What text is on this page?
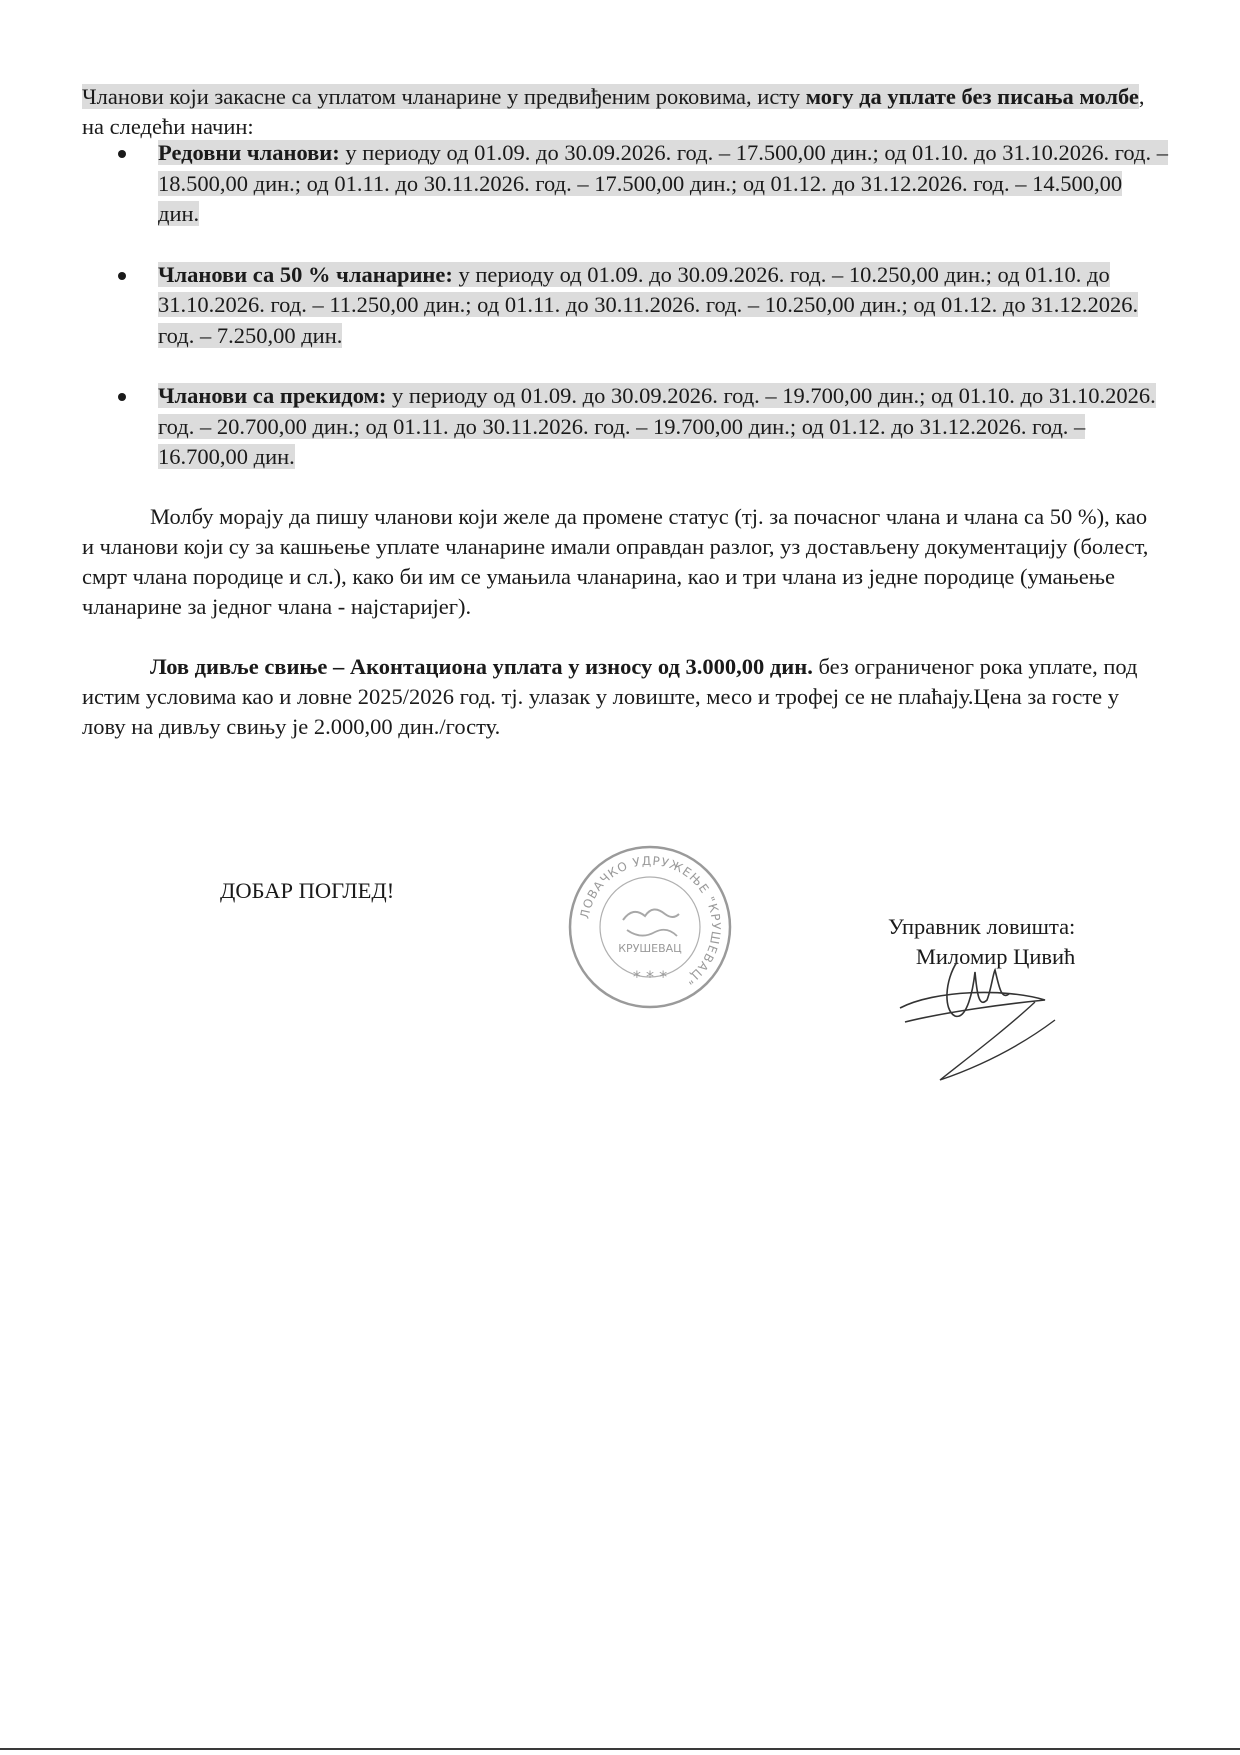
Чланови који закасне са уплатом чланарине у предвиђеним роковима, исту могу да уплате без писања молбе, на следећи начин:
Редовни чланови: у периоду од 01.09. до 30.09.2026. год. – 17.500,00 дин.; од 01.10. до 31.10.2026. год. – 18.500,00 дин.; од 01.11. до 30.11.2026. год. – 17.500,00 дин.; од 01.12. до 31.12.2026. год. – 14.500,00 дин.
Чланови са 50 % чланарине: у периоду од 01.09. до 30.09.2026. год. – 10.250,00 дин.; од 01.10. до 31.10.2026. год. – 11.250,00 дин.; од 01.11. до 30.11.2026. год. – 10.250,00 дин.; од 01.12. до 31.12.2026. год. – 7.250,00 дин.
Чланови са прекидом: у периоду од 01.09. до 30.09.2026. год. – 19.700,00 дин.; од 01.10. до 31.10.2026. год. – 20.700,00 дин.; од 01.11. до 30.11.2026. год. – 19.700,00 дин.; од 01.12. до 31.12.2026. год. – 16.700,00 дин.
Молбу морају да пишу чланови који желе да промене статус (тј. за почасног члана и члана са 50 %), као и чланови који су за кашњење уплате чланарине имали оправдан разлог, уз достављену документацију (болест, смрт члана породице и сл.), како би им се умањила чланарина, као и три члана из једне породице (умањење чланарине за једног члана - најстаријег).
Лов дивље свиње – Аконтациона уплата у износу од 3.000,00 дин. без ограниченог рока уплате, под истим условима као и ловне 2025/2026 год. тј. улазак у ловиште, месо и трофеј се не плаћају.Цена за госте у лову на дивљу свињу је 2.000,00 дин./госту.
ДОБАР ПОГЛЕД!
ЛОВАЧКО УДРУЖЕЊЕ "КРУШЕВАЦ"
КРУШЕВАЦ
* * *
Управник ловишта:
Миломир Цивић
